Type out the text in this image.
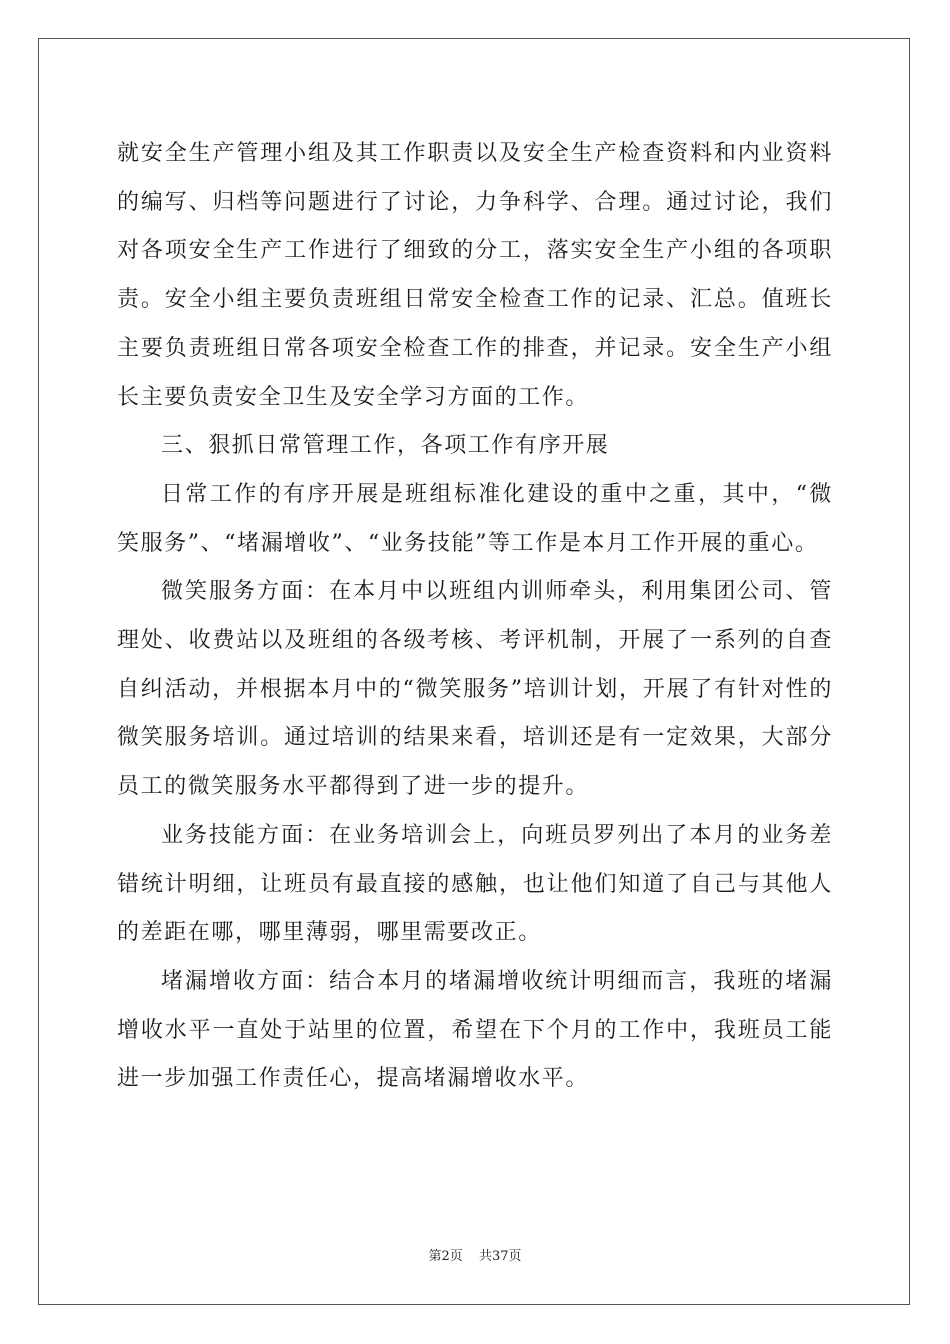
就安全生产管理小组及其工作职责以及安全生产检查资料和内业资料的编写、归档等问题进行了讨论，力争科学、合理。通过讨论，我们对各项安全生产工作进行了细致的分工，落实安全生产小组的各项职责。安全小组主要负责班组日常安全检查工作的记录、汇总。值班长主要负责班组日常各项安全检查工作的排查，并记录。安全生产小组长主要负责安全卫生及安全学习方面的工作。

三、狠抓日常管理工作，各项工作有序开展

日常工作的有序开展是班组标准化建设的重中之重，其中，“微笑服务”、“堵漏增收”、“业务技能”等工作是本月工作开展的重心。

微笑服务方面：在本月中以班组内训师牵头，利用集团公司、管理处、收费站以及班组的各级考核、考评机制，开展了一系列的自查自纠活动，并根据本月中的“微笑服务”培训计划，开展了有针对性的微笑服务培训。通过培训的结果来看，培训还是有一定效果，大部分员工的微笑服务水平都得到了进一步的提升。

业务技能方面：在业务培训会上，向班员罗列出了本月的业务差错统计明细，让班员有最直接的感触，也让他们知道了自己与其他人的差距在哪，哪里薄弱，哪里需要改正。

堵漏增收方面：结合本月的堵漏增收统计明细而言，我班的堵漏增收水平一直处于站里的位置，希望在下个月的工作中，我班员工能进一步加强工作责任心，提高堵漏增收水平。

第2页 共37页
